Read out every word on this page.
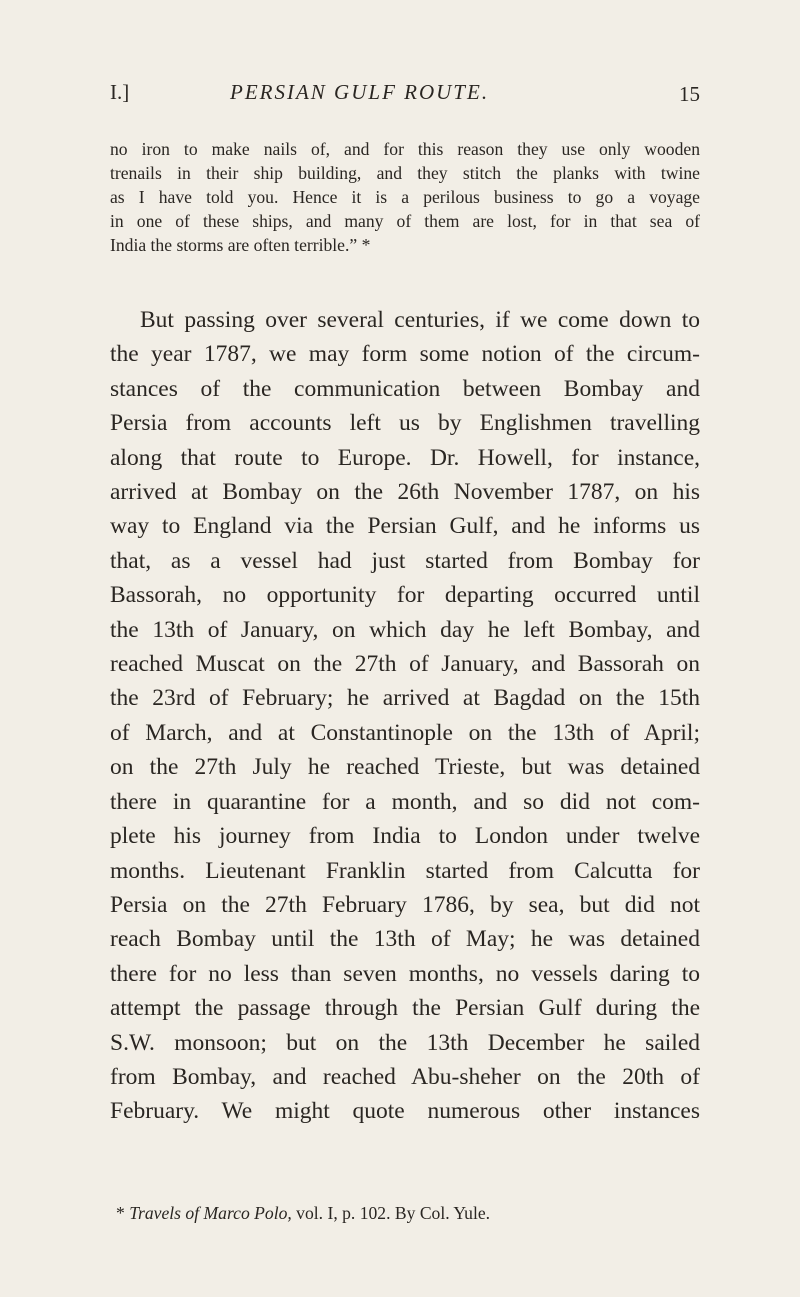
I.]	PERSIAN GULF ROUTE.	15
no iron to make nails of, and for this reason they use only wooden
trenails in their ship building, and they stitch the planks with twine
as I have told you. Hence it is a perilous business to go a voyage
in one of these ships, and many of them are lost, for in that sea of
India the storms are often terrible.” *
But passing over several centuries, if we come down to
the year 1787, we may form some notion of the circum-
stances of the communication between Bombay and
Persia from accounts left us by Englishmen travelling
along that route to Europe. Dr. Howell, for instance,
arrived at Bombay on the 26th November 1787, on his
way to England via the Persian Gulf, and he informs us
that, as a vessel had just started from Bombay for
Bassorah, no opportunity for departing occurred until
the 13th of January, on which day he left Bombay, and
reached Muscat on the 27th of January, and Bassorah on
the 23rd of February; he arrived at Bagdad on the 15th
of March, and at Constantinople on the 13th of April;
on the 27th July he reached Trieste, but was detained
there in quarantine for a month, and so did not com-
plete his journey from India to London under twelve
months. Lieutenant Franklin started from Calcutta for
Persia on the 27th February 1786, by sea, but did not
reach Bombay until the 13th of May; he was detained
there for no less than seven months, no vessels daring to
attempt the passage through the Persian Gulf during the
S.W. monsoon; but on the 13th December he sailed
from Bombay, and reached Abu-sheher on the 20th of
February. We might quote numerous other instances
* Travels of Marco Polo, vol. I, p. 102. By Col. Yule.
